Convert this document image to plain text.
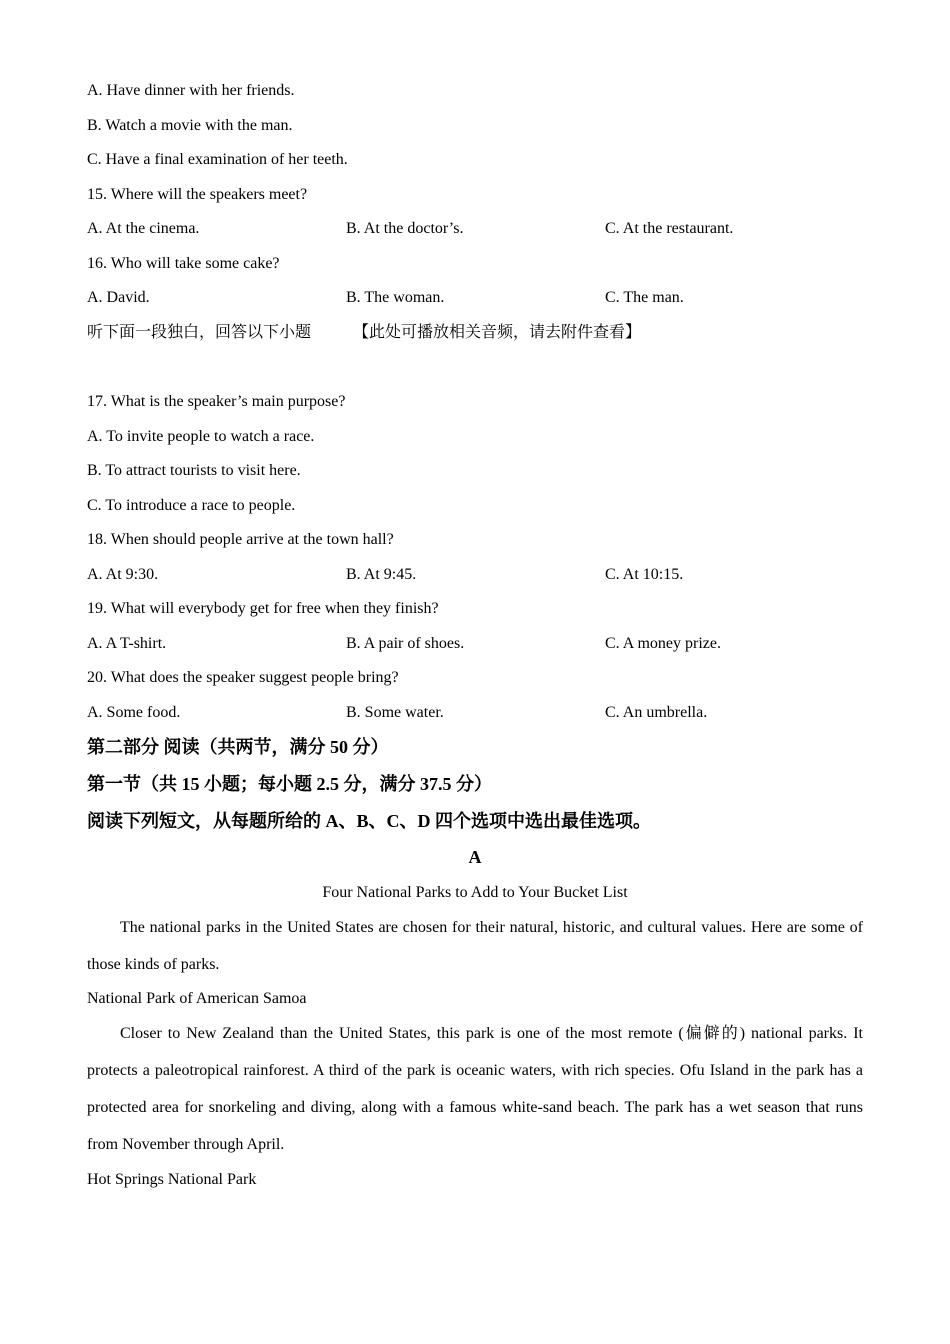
A. Have dinner with her friends.
B. Watch a movie with the man.
C. Have a final examination of her teeth.
15. Where will the speakers meet?
A. At the cinema.	B. At the doctor’s.	C. At the restaurant.
16. Who will take some cake?
A. David.	B. The woman.	C. The man.
听下面一段独白，回答以下小题	【此处可播放相关音频，请去附件查看】
17. What is the speaker’s main purpose?
A. To invite people to watch a race.
B. To attract tourists to visit here.
C. To introduce a race to people.
18. When should people arrive at the town hall?
A. At 9:30.	B. At 9:45.	C. At 10:15.
19. What will everybody get for free when they finish?
A. A T-shirt.	B. A pair of shoes.	C. A money prize.
20. What does the speaker suggest people bring?
A. Some food.	B. Some water.	C. An umbrella.
第二部分 阅读（共两节，满分 50 分）
第一节（共 15 小题；每小题 2.5 分，满分 37.5 分）
阅读下列短文，从每题所给的 A、B、C、D 四个选项中选出最佳选项。
A
Four National Parks to Add to Your Bucket List
The national parks in the United States are chosen for their natural, historic, and cultural values. Here are some of those kinds of parks.
National Park of American Samoa
Closer to New Zealand than the United States, this park is one of the most remote (偏僻的) national parks. It protects a paleotropical rainforest. A third of the park is oceanic waters, with rich species. Ofu Island in the park has a protected area for snorkeling and diving, along with a famous white-sand beach. The park has a wet season that runs from November through April.
Hot Springs National Park
